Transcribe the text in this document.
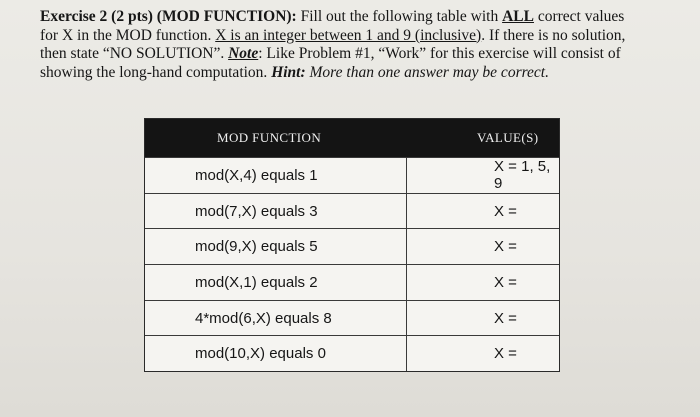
Exercise 2 (2 pts) (MOD FUNCTION): Fill out the following table with ALL correct values
for X in the MOD function. X is an integer between 1 and 9 (inclusive). If there is no solution,
then state “NO SOLUTION”. Note: Like Problem #1, “Work” for this exercise will consist of
showing the long-hand computation. Hint: More than one answer may be correct.
MOD FUNCTION	VALUE(S)
mod(X,4) equals 1	X = 1, 5, 9
mod(7,X) equals 3	X =
mod(9,X) equals 5	X =
mod(X,1) equals 2	X =
4*mod(6,X) equals 8	X =
mod(10,X) equals 0	X =
